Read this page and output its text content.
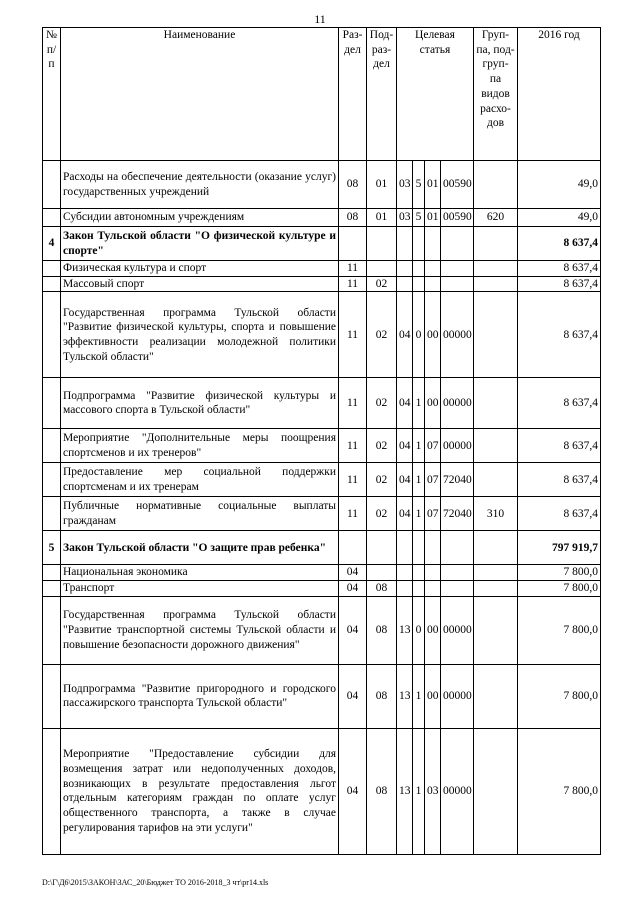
11
№ п/ п	Наименование	Раз- дел	Под- раз- дел	Целевая статья				Груп- па, под- груп- па видов расхо- дов	2016 год
	Расходы на обеспечение деятельности (оказание услуг) государственных учреждений	08	01	03	5	01	00590		49,0
	Субсидии автономным учреждениям	08	01	03	5	01	00590	620	49,0
4	Закон Тульской области "О физической культуре и спорте"								8 637,4
	Физическая культура и спорт	11							8 637,4
	Массовый спорт	11	02						8 637,4
	Государственная программа Тульской области "Развитие физической культуры, спорта и повышение эффективности реализации молодежной политики Тульской области"	11	02	04	0	00	00000		8 637,4
	Подпрограмма "Развитие физической культуры и массового спорта в Тульской области"	11	02	04	1	00	00000		8 637,4
	Мероприятие "Дополнительные меры поощрения спортсменов и их тренеров"	11	02	04	1	07	00000		8 637,4
	Предоставление мер социальной поддержки спортсменам и их тренерам	11	02	04	1	07	72040		8 637,4
	Публичные нормативные социальные выплаты гражданам	11	02	04	1	07	72040	310	8 637,4
5	Закон Тульской области "О защите прав ребенка"								797 919,7
	Национальная экономика	04							7 800,0
	Транспорт	04	08						7 800,0
	Государственная программа Тульской области "Развитие транспортной системы Тульской области и повышение безопасности дорожного движения"	04	08	13	0	00	00000		7 800,0
	Подпрограмма "Развитие пригородного и городского пассажирского транспорта Тульской области"	04	08	13	1	00	00000		7 800,0
	Мероприятие "Предоставление субсидии для возмещения затрат или недополученных доходов, возникающих в результате предоставления льгот отдельным категориям граждан по оплате услуг общественного транспорта, а также в случае регулирования тарифов на эти услуги"	04	08	13	1	03	00000		7 800,0
D:\Г\Д6\2015\ЗАКОН\ЗАС_20\Бюджет ТО 2016-2018_3 чт\pr14.xls
